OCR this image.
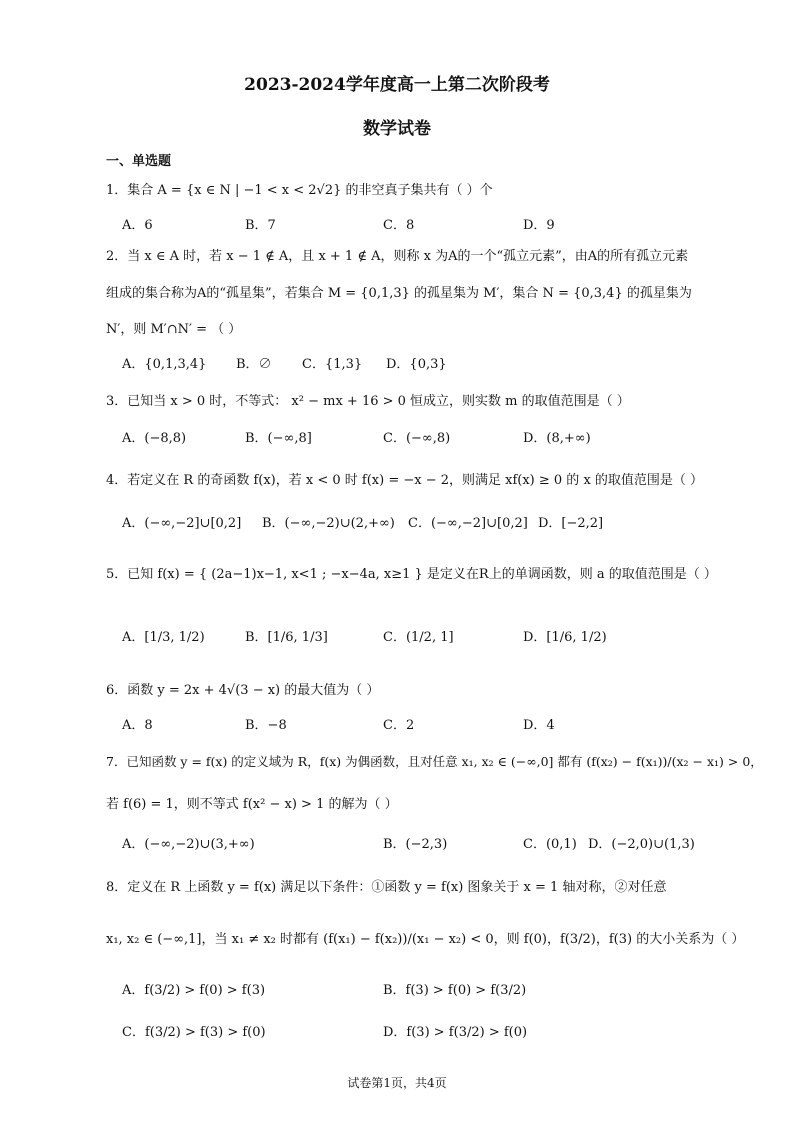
2023-2024学年度高一上第二次阶段考
数学试卷
一、单选题
1．集合 A = {x ∈ N | −1 < x < 2√2} 的非空真子集共有（ ）个
A．6	B．7	C．8	D．9
2．当 x ∈ A 时，若 x − 1 ∉ A，且 x + 1 ∉ A，则称 x 为A的一个“孤立元素”，由A的所有孤立元素
组成的集合称为A的“孤星集”，若集合 M = {0,1,3} 的孤星集为 M′，集合 N = {0,3,4} 的孤星集为
N′，则 M′∩N′ = （ ）
A．{0,1,3,4} B．∅ C．{1,3} D．{0,3}
3．已知当 x > 0 时，不等式： x² − mx + 16 > 0 恒成立，则实数 m 的取值范围是（ ）
A．(−8,8)	B．(−∞,8]	C．(−∞,8)	D．(8,+∞)
4．若定义在 R 的奇函数 f(x)，若 x < 0 时 f(x) = −x − 2，则满足 xf(x) ≥ 0 的 x 的取值范围是（ ）
A．(−∞,−2]∪[0,2] B．(−∞,−2)∪(2,+∞) C．(−∞,−2]∪[0,2] D．[−2,2]
5．已知 f(x) = { (2a−1)x−1, x<1 ; −x−4a, x≥1 } 是定义在R上的单调函数，则 a 的取值范围是（ ）
A．[1/3, 1/2)	B．[1/6, 1/3]	C．(1/2, 1]	D．[1/6, 1/2)
6．函数 y = 2x + 4√(3 − x) 的最大值为（ ）
A．8	B．−8	C．2	D．4
7．已知函数 y = f(x) 的定义域为 R，f(x) 为偶函数，且对任意 x₁, x₂ ∈ (−∞,0] 都有 (f(x₂) − f(x₁))/(x₂ − x₁) > 0，
若 f(6) = 1，则不等式 f(x² − x) > 1 的解为（ ）
A．(−∞,−2)∪(3,+∞)	B．(−2,3)	C．(0,1) D．(−2,0)∪(1,3)
8．定义在 R 上函数 y = f(x) 满足以下条件：①函数 y = f(x) 图象关于 x = 1 轴对称，②对任意
x₁, x₂ ∈ (−∞,1]，当 x₁ ≠ x₂ 时都有 (f(x₁) − f(x₂))/(x₁ − x₂) < 0，则 f(0)，f(3/2)，f(3) 的大小关系为（ ）
A．f(3/2) > f(0) > f(3)	B．f(3) > f(0) > f(3/2)
C．f(3/2) > f(3) > f(0)	D．f(3) > f(3/2) > f(0)
试卷第1页，共4页
